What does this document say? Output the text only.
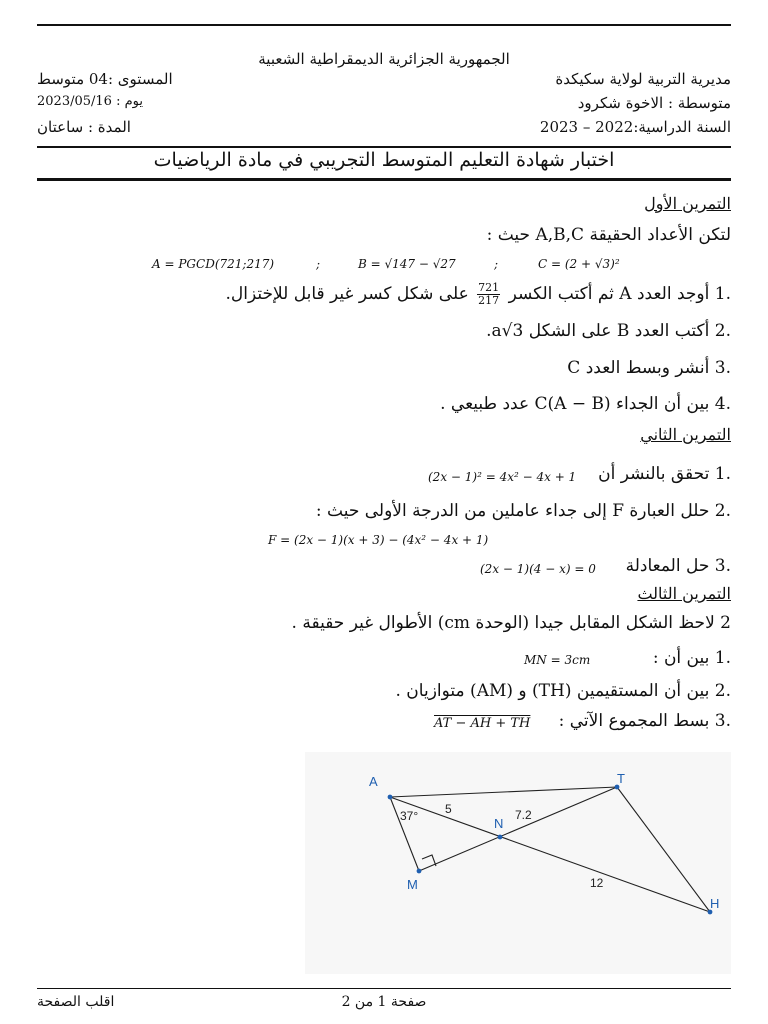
الجمهورية الجزائرية الديمقراطية الشعبية
مديرية التربية لولاية سكيكدة
متوسطة : الاخوة شكرود
السنة الدراسية:2022 – 2023
المستوى :04 متوسط
يوم : 2023/05/16
المدة : ساعتان
اختبار شهادة التعليم المتوسط التجريبي في مادة الرياضيات
التمرين الأول
لتكن الأعداد الحقيقة A,B,C حيث :
A = PGCD(721;217)	;	B = √147 − √27	;	C = (2 + √3)²
.1 أوجد العدد A ثم أكتب الكسر
$\frac{721}{217}$
على شكل كسر غير قابل للإختزال.
.2 أكتب العدد B على الشكل a√3.
.3 أنشر وبسط العدد C
.4 بين أن الجداء C(A − B) عدد طبيعي .
التمرين الثاني
.1 تحقق بالنشر أن
(2x − 1)² = 4x² − 4x + 1
.2 حلل العبارة F إلى جداء عاملين من الدرجة الأولى حيث :
F = (2x − 1)(x + 3) − (4x² − 4x + 1)
.3 حل المعادلة
(2x − 1)(4 − x) = 0
التمرين الثالث
2 لاحظ الشكل المقابل جيدا (الوحدة cm) الأطوال غير حقيقة .
.1 بين أن :
MN = 3cm
.2 بين أن المستقيمين (TH) و (AM) متوازيان .
.3 بسط المجموع الآتي :
AT − AH + TH
A	T
N
M
H
37° 5	7.2
12
صفحة 1 من 2
اقلب الصفحة
